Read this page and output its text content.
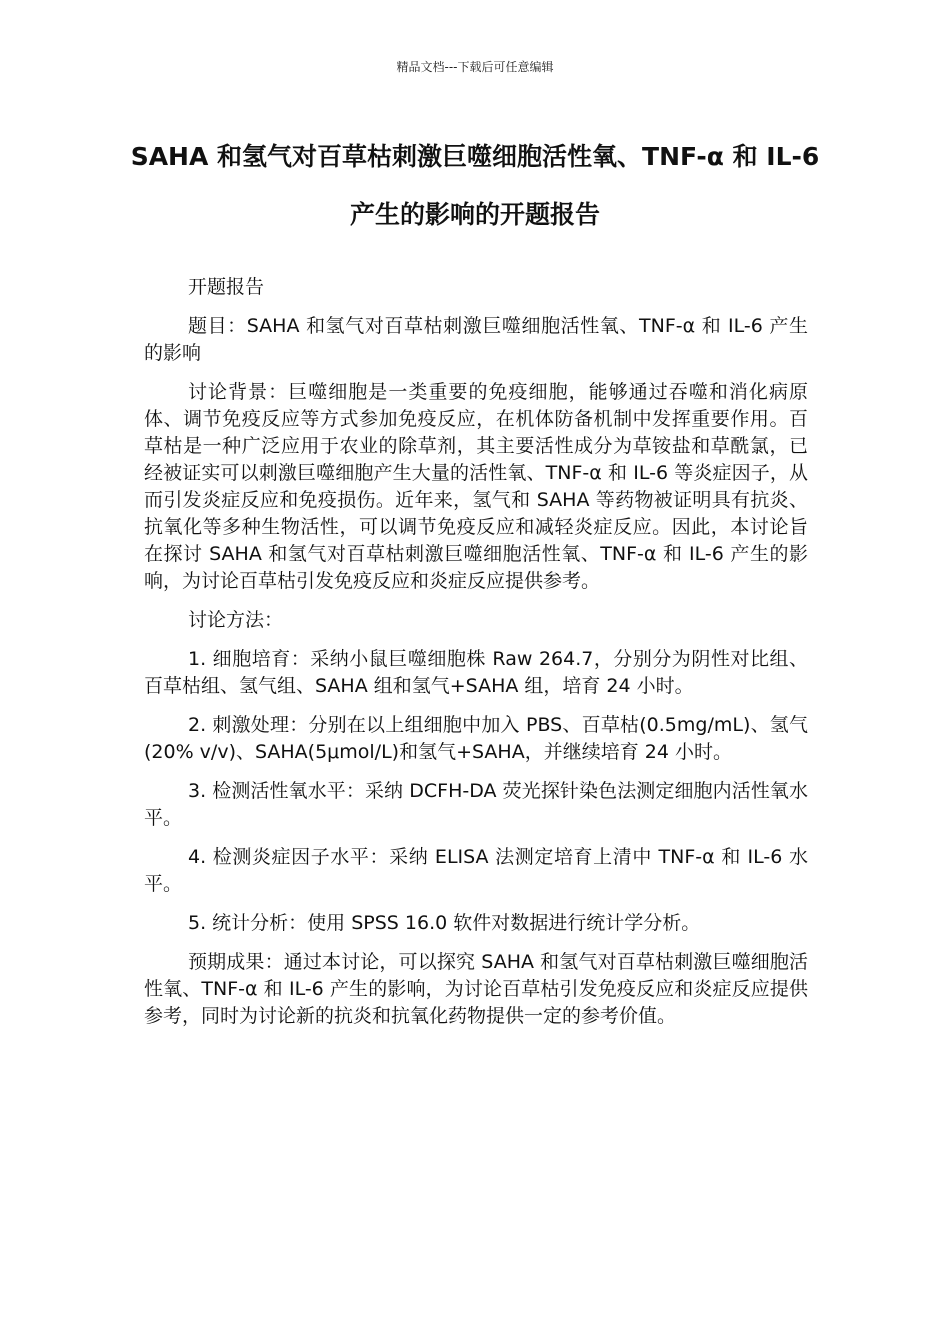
精品文档---下载后可任意编辑
SAHA 和氢气对百草枯刺激巨噬细胞活性氧、TNF-α 和 IL-6 产生的影响的开题报告

开题报告

题目：SAHA 和氢气对百草枯刺激巨噬细胞活性氧、TNF-α 和 IL-6 产生的影响

讨论背景：巨噬细胞是一类重要的免疫细胞，能够通过吞噬和消化病原体、调节免疫反应等方式参加免疫反应，在机体防备机制中发挥重要作用。百草枯是一种广泛应用于农业的除草剂，其主要活性成分为草铵盐和草酰氯，已经被证实可以刺激巨噬细胞产生大量的活性氧、TNF-α 和 IL-6 等炎症因子，从而引发炎症反应和免疫损伤。近年来，氢气和 SAHA 等药物被证明具有抗炎、抗氧化等多种生物活性，可以调节免疫反应和减轻炎症反应。因此，本讨论旨在探讨 SAHA 和氢气对百草枯刺激巨噬细胞活性氧、TNF-α 和 IL-6 产生的影响，为讨论百草枯引发免疫反应和炎症反应提供参考。

讨论方法：

1. 细胞培育：采纳小鼠巨噬细胞株 Raw 264.7，分别分为阴性对比组、百草枯组、氢气组、SAHA 组和氢气+SAHA 组，培育 24 小时。

2. 刺激处理：分别在以上组细胞中加入 PBS、百草枯(0.5mg/mL)、氢气(20% v/v)、SAHA(5μmol/L)和氢气+SAHA，并继续培育 24 小时。

3. 检测活性氧水平：采纳 DCFH-DA 荧光探针染色法测定细胞内活性氧水平。

4. 检测炎症因子水平：采纳 ELISA 法测定培育上清中 TNF-α 和 IL-6 水平。

5. 统计分析：使用 SPSS 16.0 软件对数据进行统计学分析。

预期成果：通过本讨论，可以探究 SAHA 和氢气对百草枯刺激巨噬细胞活性氧、TNF-α 和 IL-6 产生的影响，为讨论百草枯引发免疫反应和炎症反应提供参考，同时为讨论新的抗炎和抗氧化药物提供一定的参考价值。
